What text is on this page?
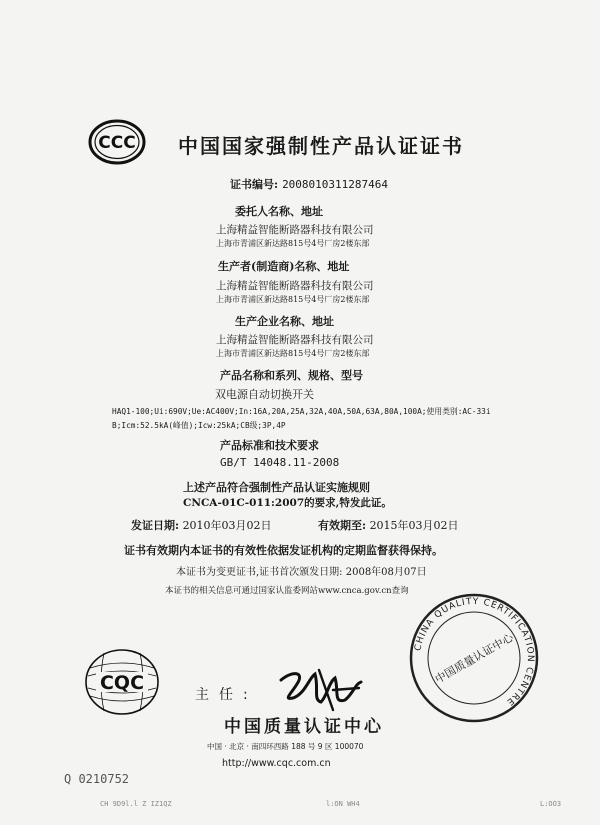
CCC 中国国家强制性产品认证证书
证书编号: 2008010311287464
委托人名称、地址
上海精益智能断路器科技有限公司
上海市青浦区新达路815号4号厂房2楼东部
生产者(制造商)名称、地址
上海精益智能断路器科技有限公司
上海市青浦区新达路815号4号厂房2楼东部
生产企业名称、地址
上海精益智能断路器科技有限公司
上海市青浦区新达路815号4号厂房2楼东部
产品名称和系列、规格、型号
双电源自动切换开关
HAQ1-100;Ui:690V;Ue:AC400V;In:16A,20A,25A,32A,40A,50A,63A,80A,100A;使用类别:AC-33iB;Icm:52.5kA(峰值);Icw:25kA;CB级;3P,4P
产品标准和技术要求
GB/T 14048.11-2008
上述产品符合强制性产品认证实施规则
CNCA-01C-011:2007的要求,特发此证。
发证日期: 2010年03月02日	有效期至: 2015年03月02日
证书有效期内本证书的有效性依据发证机构的定期监督获得保持。
本证书为变更证书,证书首次颁发日期: 2008年08月07日
本证书的相关信息可通过国家认监委网站www.cnca.gov.cn查询
CQC
主任:
CHINA QUALITY CERTIFICATION CENTRE
中国质量认证中心
中国质量认证中心
中国 · 北京 · 南四环西路 188 号 9 区 100070
http://www.cqc.com.cn
Q 0210752
CH 9D9l.l Z IZ1QZ	l:ON WH4	L:OO3
